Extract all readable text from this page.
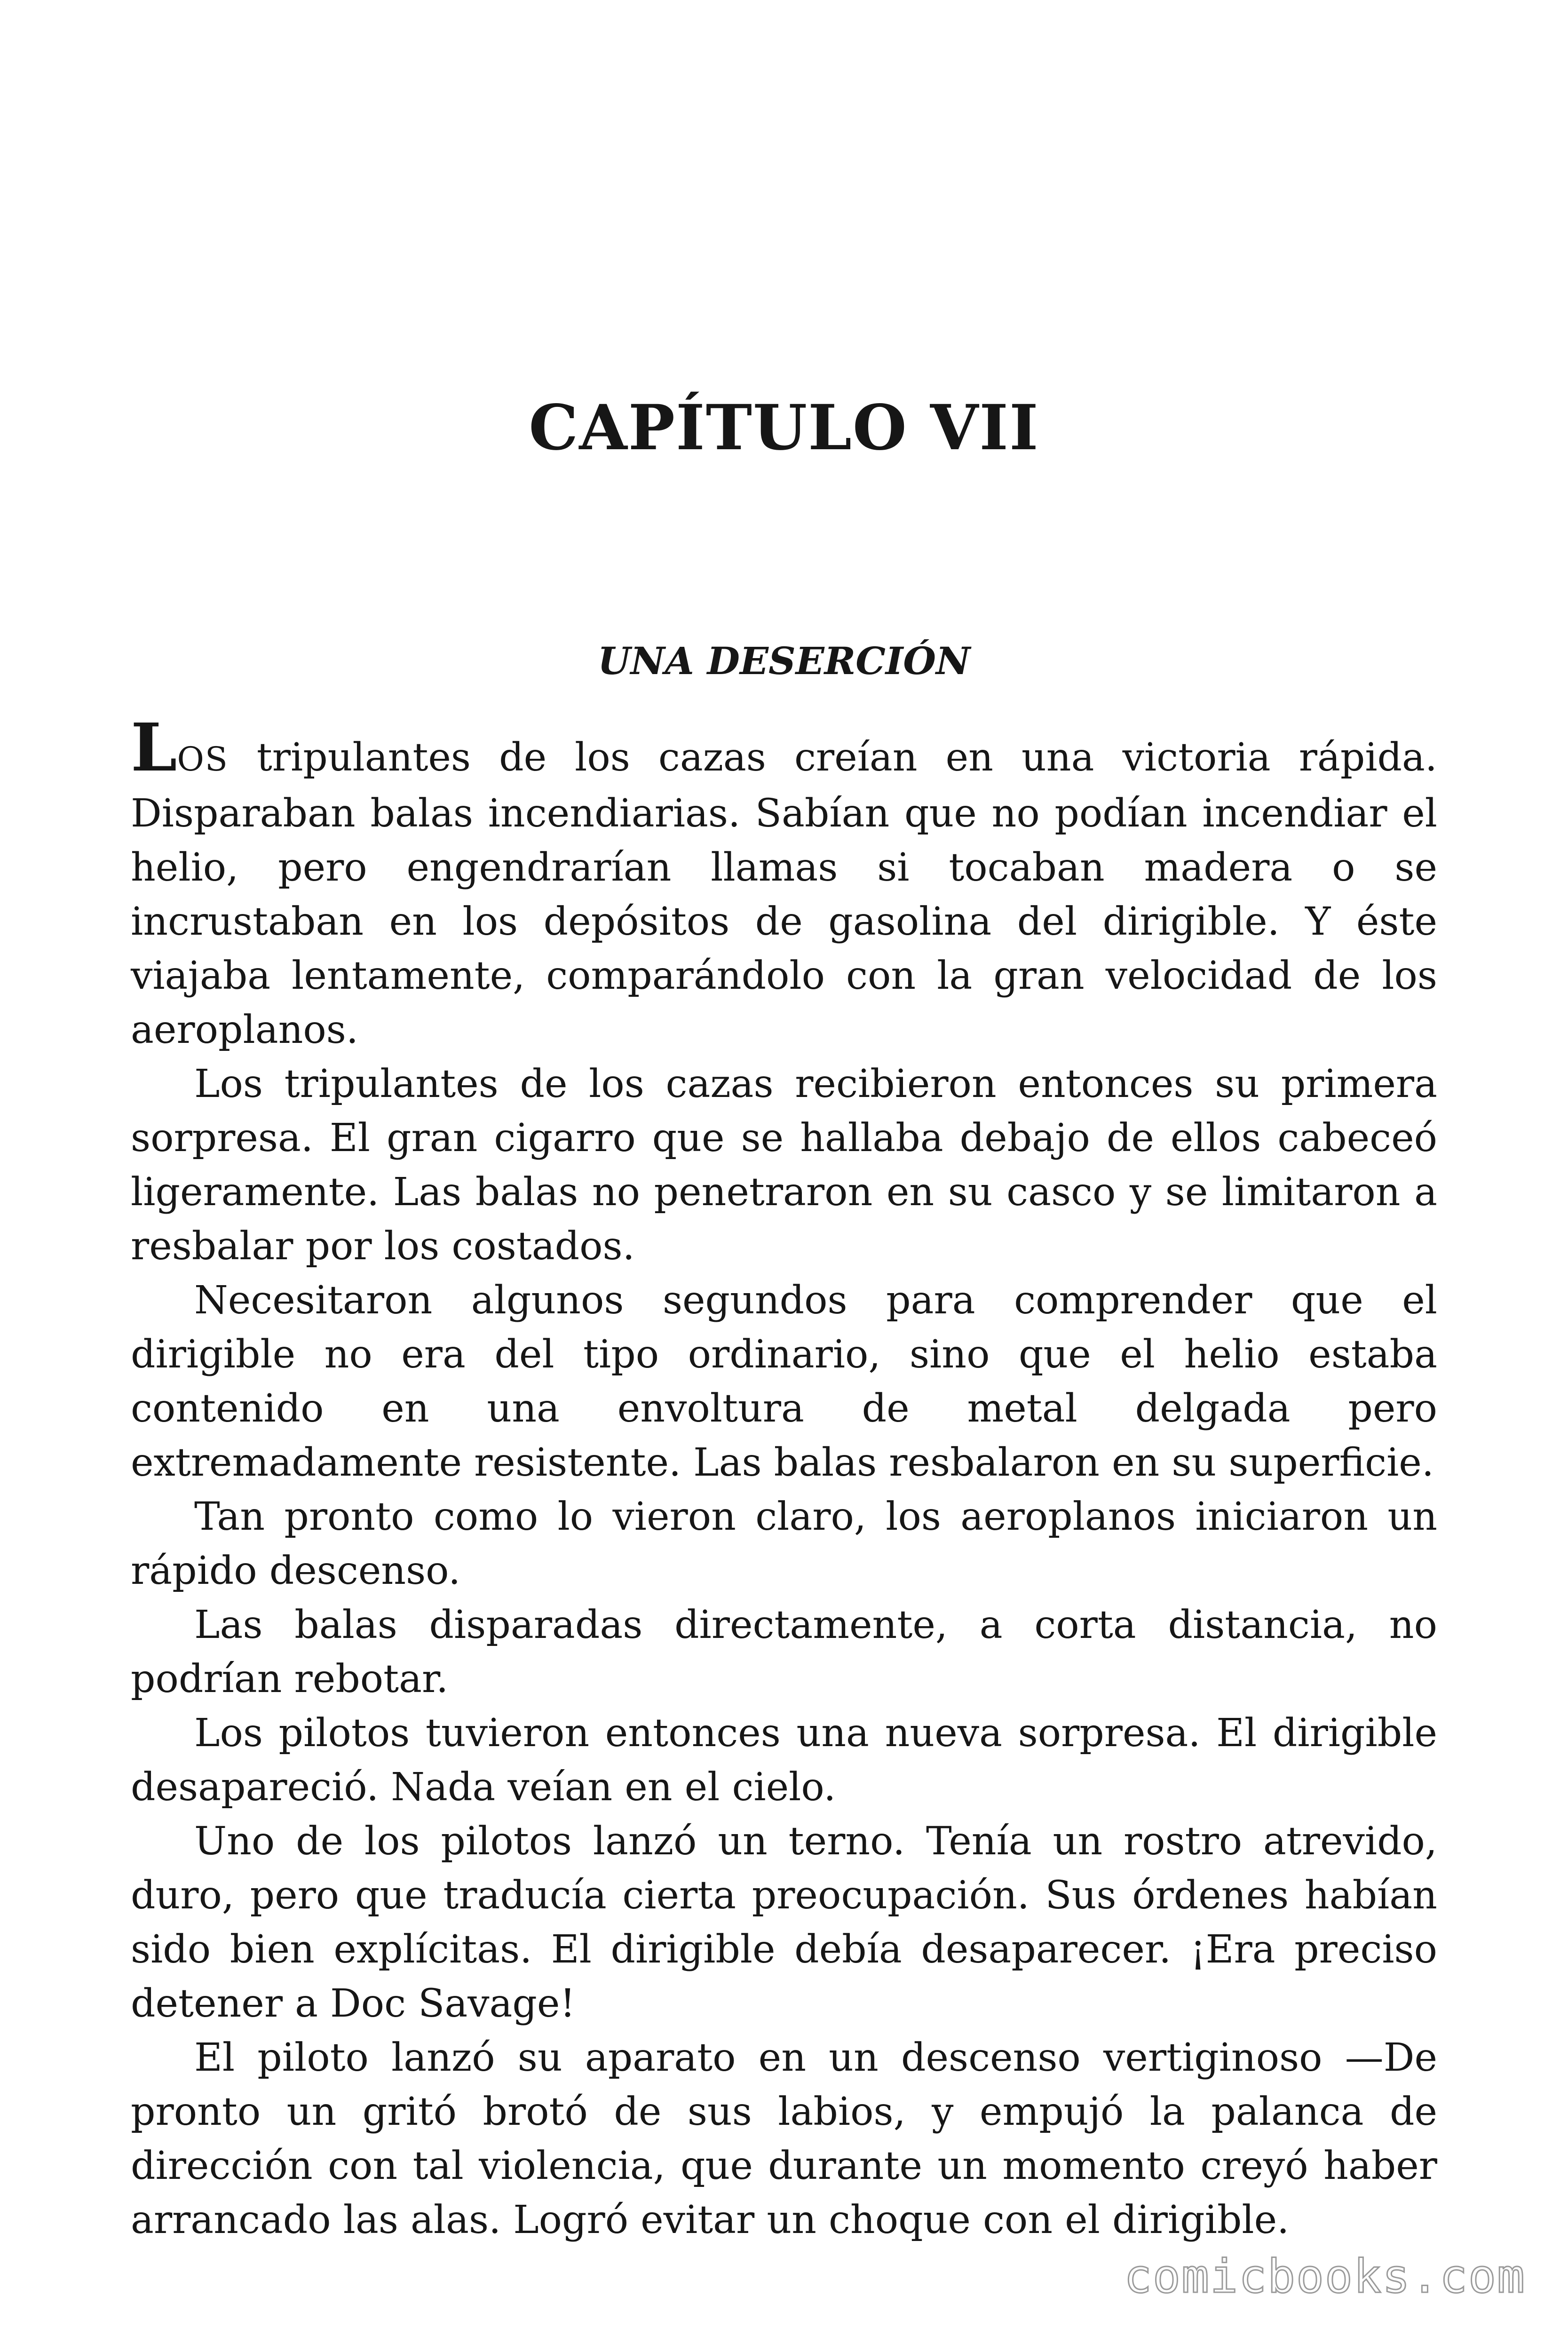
CAPÍTULO VII
UNA DESERCIÓN

LOS tripulantes de los cazas creían en una victoria rápida. Disparaban balas incendiarias. Sabían que no podían incendiar el helio, pero engendrarían llamas si tocaban madera o se incrustaban en los depósitos de gasolina del dirigible. Y éste viajaba lentamente, comparándolo con la gran velocidad de los aeroplanos.

Los tripulantes de los cazas recibieron entonces su primera sorpresa. El gran cigarro que se hallaba debajo de ellos cabeceó ligeramente. Las balas no penetraron en su casco y se limitaron a resbalar por los costados.

Necesitaron algunos segundos para comprender que el dirigible no era del tipo ordinario, sino que el helio estaba contenido en una envoltura de metal delgada pero extremadamente resistente. Las balas resbalaron en su superficie.

Tan pronto como lo vieron claro, los aeroplanos iniciaron un rápido descenso.

Las balas disparadas directamente, a corta distancia, no podrían rebotar.

Los pilotos tuvieron entonces una nueva sorpresa. El dirigible desapareció. Nada veían en el cielo.

Uno de los pilotos lanzó un terno. Tenía un rostro atrevido, duro, pero que traducía cierta preocupación. Sus órdenes habían sido bien explícitas. El dirigible debía desaparecer. ¡Era preciso detener a Doc Savage!

El piloto lanzó su aparato en un descenso vertiginoso —De pronto un gritó brotó de sus labios, y empujó la palanca de dirección con tal violencia, que durante un momento creyó haber arrancado las alas. Logró evitar un choque con el dirigible.

comicbooks.com
